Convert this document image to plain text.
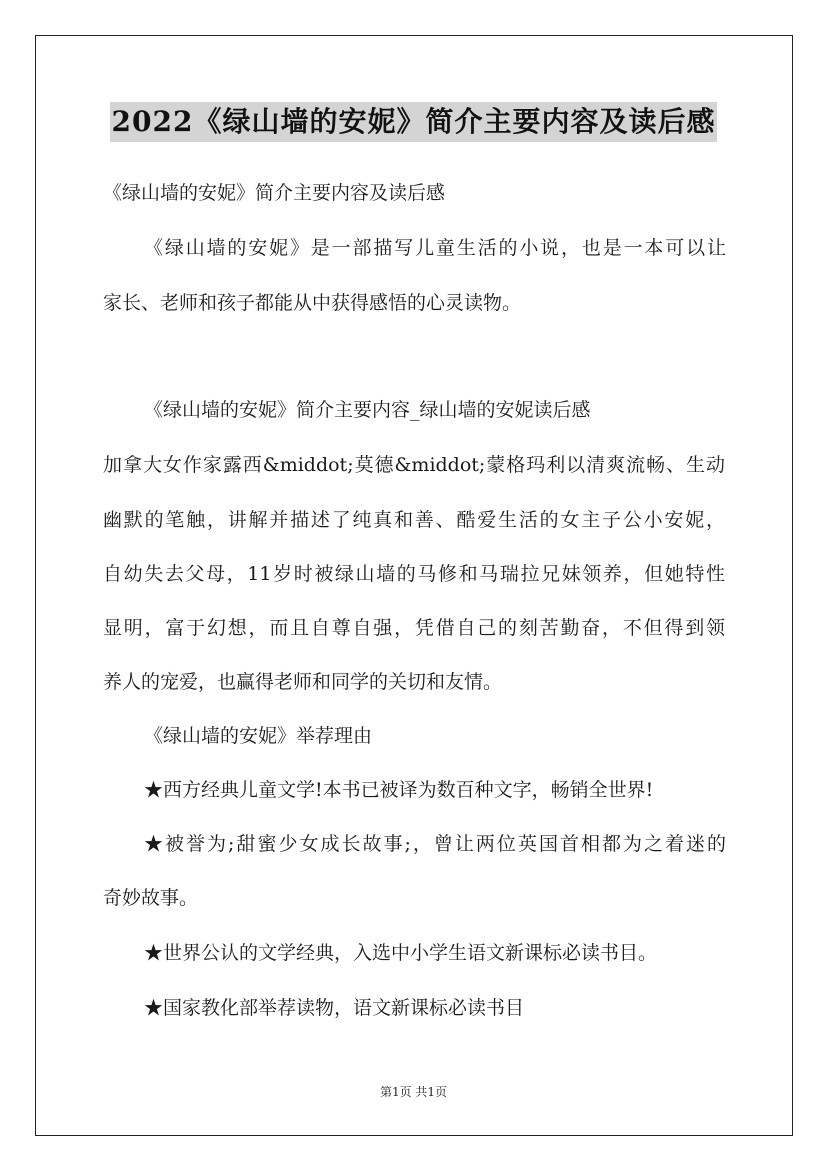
2022《绿山墙的安妮》简介主要内容及读后感
《绿山墙的安妮》简介主要内容及读后感
《绿山墙的安妮》是一部描写儿童生活的小说，也是一本可以让
家长、老师和孩子都能从中获得感悟的心灵读物。
《绿山墙的安妮》简介主要内容_绿山墙的安妮读后感
加拿大女作家露西&middot;莫德&middot;蒙格玛利以清爽流畅、生动
幽默的笔触，讲解并描述了纯真和善、酷爱生活的女主子公小安妮，
自幼失去父母，11岁时被绿山墙的马修和马瑞拉兄妹领养，但她特性
显明，富于幻想，而且自尊自强，凭借自己的刻苦勤奋，不但得到领
养人的宠爱，也赢得老师和同学的关切和友情。
《绿山墙的安妮》举荐理由
★西方经典儿童文学!本书已被译为数百种文字，畅销全世界!
★被誉为;甜蜜少女成长故事;，曾让两位英国首相都为之着迷的
奇妙故事。
★世界公认的文学经典，入选中小学生语文新课标必读书目。
★国家教化部举荐读物，语文新课标必读书目
第1页 共1页
